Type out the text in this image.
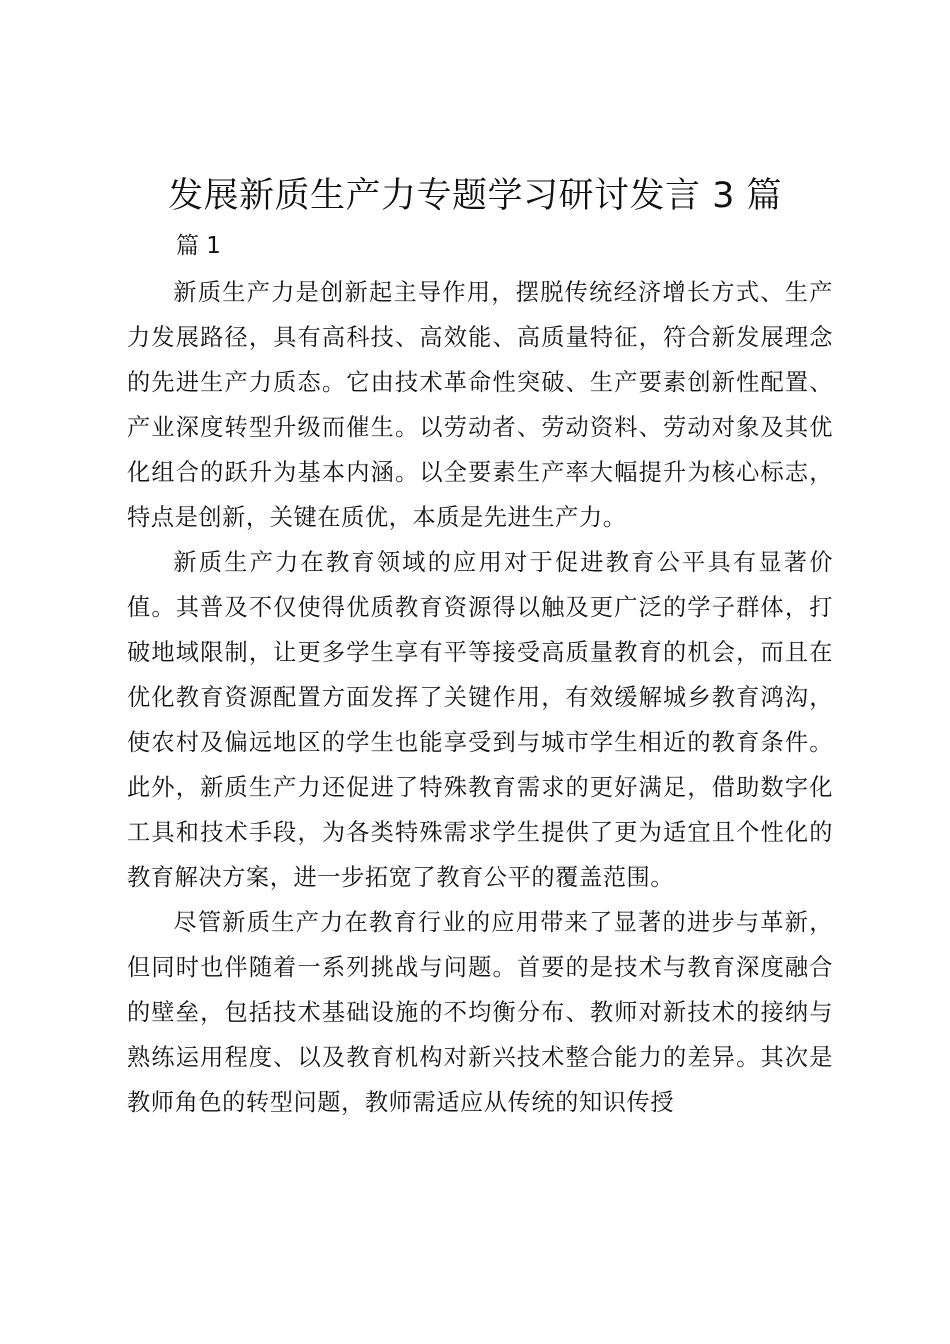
发展新质生产力专题学习研讨发言 3 篇

篇 1

新质生产力是创新起主导作用，摆脱传统经济增长方式、生产力发展路径，具有高科技、高效能、高质量特征，符合新发展理念的先进生产力质态。它由技术革命性突破、生产要素创新性配置、产业深度转型升级而催生。以劳动者、劳动资料、劳动对象及其优化组合的跃升为基本内涵。以全要素生产率大幅提升为核心标志，特点是创新，关键在质优，本质是先进生产力。

新质生产力在教育领域的应用对于促进教育公平具有显著价值。其普及不仅使得优质教育资源得以触及更广泛的学子群体，打破地域限制，让更多学生享有平等接受高质量教育的机会，而且在优化教育资源配置方面发挥了关键作用，有效缓解城乡教育鸿沟，使农村及偏远地区的学生也能享受到与城市学生相近的教育条件。此外，新质生产力还促进了特殊教育需求的更好满足，借助数字化工具和技术手段，为各类特殊需求学生提供了更为适宜且个性化的教育解决方案，进一步拓宽了教育公平的覆盖范围。

尽管新质生产力在教育行业的应用带来了显著的进步与革新，但同时也伴随着一系列挑战与问题。首要的是技术与教育深度融合的壁垒，包括技术基础设施的不均衡分布、教师对新技术的接纳与熟练运用程度、以及教育机构对新兴技术整合能力的差异。其次是教师角色的转型问题，教师需适应从传统的知识传授
